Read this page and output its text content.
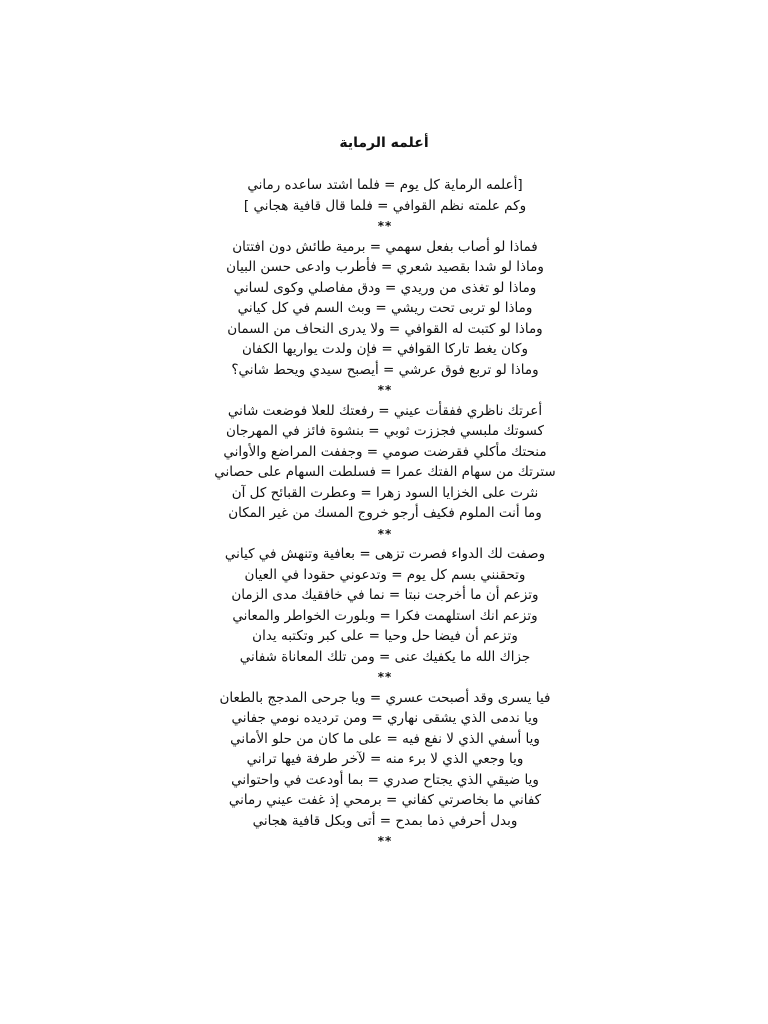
أعلمه الرماية
[أعلمه الرماية كل يوم = فلما اشتد ساعده رماني
وكم علمته نظم القوافي = فلما قال قافية هجاني ]
**
فماذا لو أصاب بفعل سهمي = برمية طائش دون افتتان
وماذا لو شدا بقصيد شعري = فأطرب وادعى حسن البيان
وماذا لو تغذى من وريدي = ودق مفاصلي وكوى لساني
وماذا لو تربى تحت ريشي = وبث السم في كل كياني
وماذا لو كتبت له القوافي = ولا يدرى النحاف من السمان
وكان يغط تاركا القوافي = فإن ولدت يواريها الكفان
وماذا لو تربع فوق عرشي = أيصبح سيدي ويحط شاني؟
**
أعرتك ناظري ففقأت عيني = رفعتك للعلا فوضعت شاني
كسوتك ملبسي فجززت ثوبي = بنشوة فائز في المهرجان
منحتك مأكلي فقرضت صومي = وجففت المراضع والأواني
سترتك من سهام الفتك عمرا = فسلطت السهام على حصاني
نثرت على الخزايا السود زهرا = وعطرت القبائح كل آن
وما أنت الملوم فكيف أرجو خروج المسك من غير المكان
**
وصفت لك الدواء فصرت تزهى = بعافية وتنهش في كياني
وتحقنني بسم كل يوم = وتدعوني حقودا في العيان
وتزعم أن ما أخرجت نبتا = نما في خافقيك مدى الزمان
وتزعم انك استلهمت فكرا = وبلورت الخواطر والمعاني
وتزعم أن فيضا حل وحيا = على كبر وتكتبه يدان
جزاك الله ما يكفيك عنى = ومن تلك المعاناة شفاني
**
فيا يسرى وقد أصبحت عسري = ويا جرحى المدجج بالطعان
ويا ندمى الذي يشقى نهاري = ومن ترديده نومي جفاني
ويا أسفي الذي لا نفع فيه = على ما كان من حلو الأماني
ويا وجعي الذي لا برء منه = لآخر طرفة فيها تراني
ويا ضيقي الذي يجتاح صدري = بما أودعت في واحتواني
كفاني ما بخاصرتي كفاني = برمحي إذ غفت عيني رماني
وبدل أحرفي ذما بمدح = أتى وبكل قافية هجاني
**
